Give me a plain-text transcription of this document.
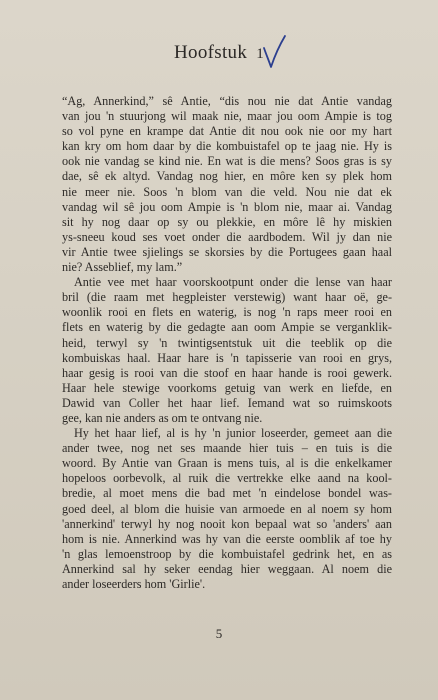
Hoofstuk 1
“Ag, Annerkind,” sê Antie, “dis nou nie dat Antie vandag
van jou 'n stuurjong wil maak nie, maar jou oom Ampie is tog
so vol pyne en krampe dat Antie dit nou ook nie oor my hart
kan kry om hom daar by die kombuistafel op te jaag nie. Hy is
ook nie vandag se kind nie. En wat is die mens? Soos gras is sy
dae, sê ek altyd. Vandag nog hier, en môre ken sy plek hom
nie meer nie. Soos 'n blom van die veld. Nou nie dat ek
vandag wil sê jou oom Ampie is 'n blom nie, maar ai. Vandag
sit hy nog daar op sy ou plekkie, en môre lê hy miskien
ys-sneeu koud ses voet onder die aardbodem. Wil jy dan nie
vir Antie twee sjielings se skorsies by die Portugees gaan haal
nie? Asseblief, my lam.”
Antie vee met haar voorskootpunt onder die lense van haar
bril (die raam met hegpleister verstewig) want haar oë, ge-
woonlik rooi en flets en waterig, is nog 'n raps meer rooi en
flets en waterig by die gedagte aan oom Ampie se verganklik-
heid, terwyl sy 'n twintigsentstuk uit die teeblik op die
kombuiskas haal. Haar hare is 'n tapisserie van rooi en grys,
haar gesig is rooi van die stoof en haar hande is rooi gewerk.
Haar hele stewige voorkoms getuig van werk en liefde, en
Dawid van Coller het haar lief. Iemand wat so ruimskoots
gee, kan nie anders as om te ontvang nie.
Hy het haar lief, al is hy 'n junior loseerder, gemeet aan die
ander twee, nog net ses maande hier tuis – en tuis is die
woord. By Antie van Graan is mens tuis, al is die enkelkamer
hopeloos oorbevolk, al ruik die vertrekke elke aand na kool-
bredie, al moet mens die bad met 'n eindelose bondel was-
goed deel, al blom die huisie van armoede en al noem sy hom
'annerkind' terwyl hy nog nooit kon bepaal wat so 'anders' aan
hom is nie. Annerkind was hy van die eerste oomblik af toe hy
'n glas lemoenstroop by die kombuistafel gedrink het, en as
Annerkind sal hy seker eendag hier weggaan. Al noem die
ander loseerders hom 'Girlie'.
5
